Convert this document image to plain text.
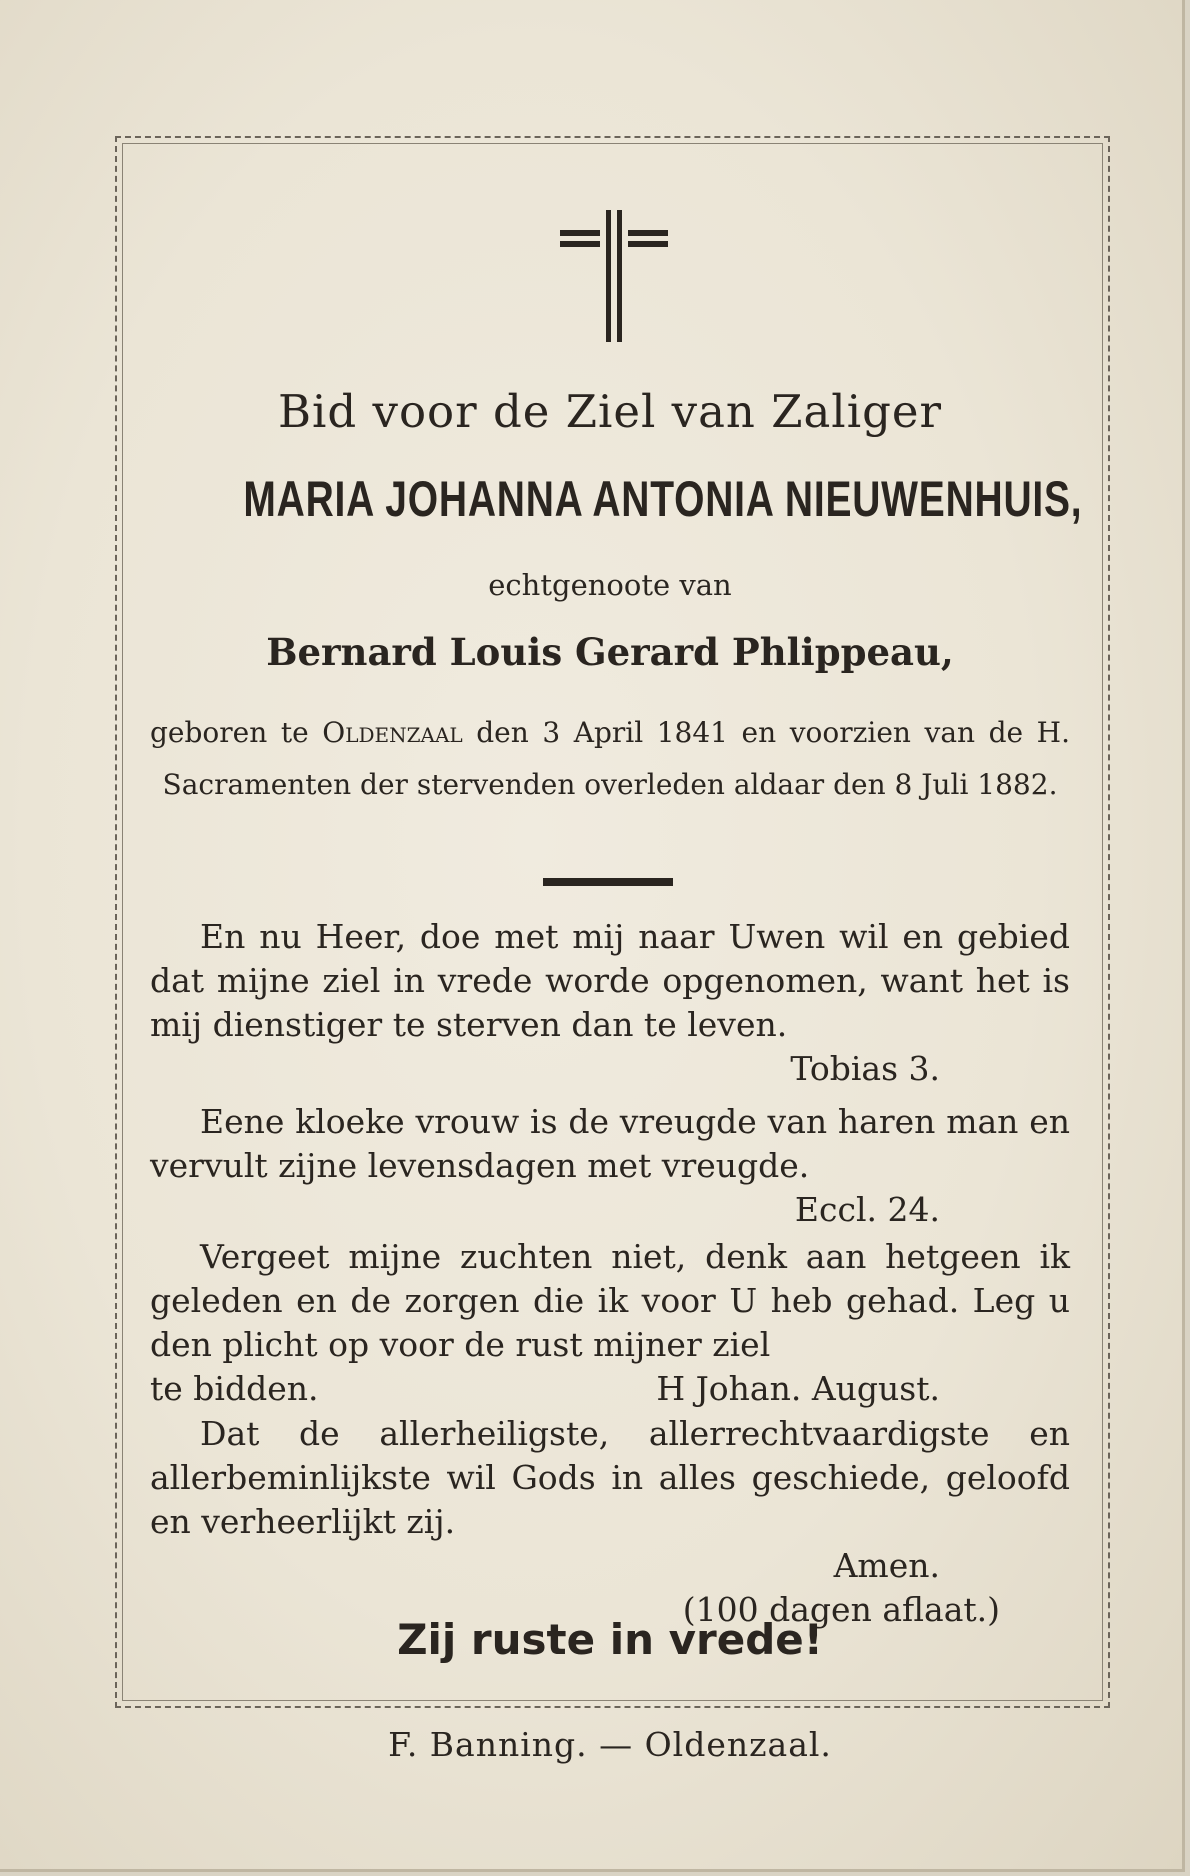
Bid voor de Ziel van Zaliger
MARIA JOHANNA ANTONIA NIEUWENHUIS,
echtgenoote van
Bernard Louis Gerard Phlippeau,
geboren te Oldenzaal den 3 April 1841 en voorzien van de H. Sacramenten der stervenden overleden aldaar den 8 Juli 1882.

En nu Heer, doe met mij naar Uwen wil en gebied dat mijne ziel in vrede worde opgenomen, want het is mij dienstiger te sterven dan te leven.

Tobias 3.

Eene kloeke vrouw is de vreugde van haren man en vervult zijne levensdagen met vreugde.

Eccl. 24.

Vergeet mijne zuchten niet, denk aan hetgeen ik geleden en de zorgen die ik voor U heb gehad. Leg u den plicht op voor de rust mijner ziel

te bidden.	H Johan. August.

Dat de allerheiligste, allerrechtvaardigste en allerbeminlijkste wil Gods in alles geschiede, geloofd en verheerlijkt zij.

Amen.

(100 dagen aflaat.)

Zij ruste in vrede!
F. Banning. — Oldenzaal.
